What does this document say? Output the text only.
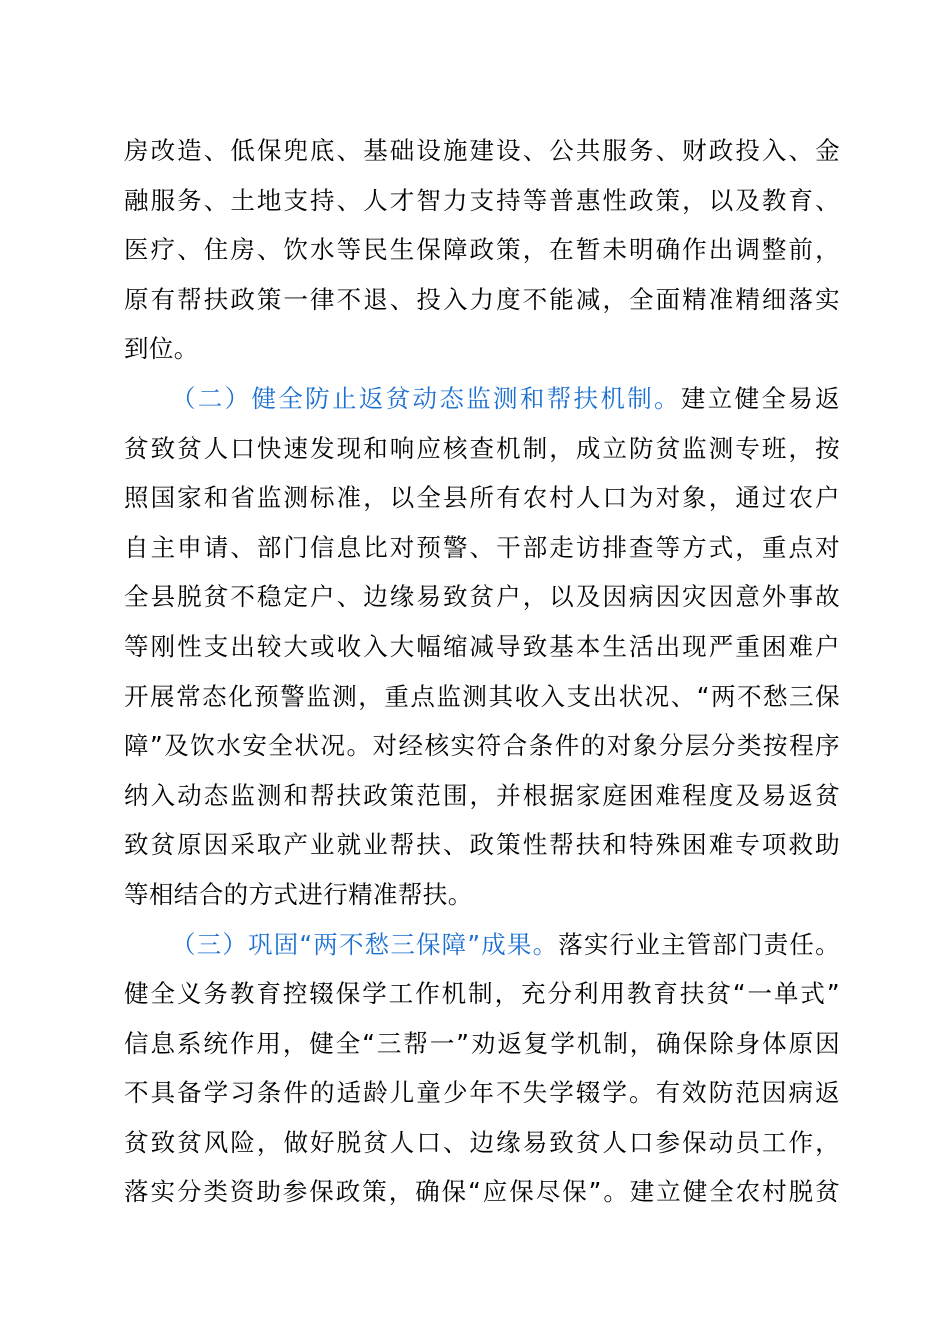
房改造、低保兜底、基础设施建设、公共服务、财政投入、金
融服务、土地支持、人才智力支持等普惠性政策，以及教育、
医疗、住房、饮水等民生保障政策，在暂未明确作出调整前，
原有帮扶政策一律不退、投入力度不能减，全面精准精细落实
到位。
（二）健全防止返贫动态监测和帮扶机制。建立健全易返
贫致贫人口快速发现和响应核查机制，成立防贫监测专班，按
照国家和省监测标准，以全县所有农村人口为对象，通过农户
自主申请、部门信息比对预警、干部走访排查等方式，重点对
全县脱贫不稳定户、边缘易致贫户，以及因病因灾因意外事故
等刚性支出较大或收入大幅缩减导致基本生活出现严重困难户
开展常态化预警监测，重点监测其收入支出状况、“两不愁三保
障”及饮水安全状况。对经核实符合条件的对象分层分类按程序
纳入动态监测和帮扶政策范围，并根据家庭困难程度及易返贫
致贫原因采取产业就业帮扶、政策性帮扶和特殊困难专项救助
等相结合的方式进行精准帮扶。
（三）巩固“两不愁三保障”成果。落实行业主管部门责任。
健全义务教育控辍保学工作机制，充分利用教育扶贫“一单式”
信息系统作用，健全“三帮一”劝返复学机制，确保除身体原因
不具备学习条件的适龄儿童少年不失学辍学。有效防范因病返
贫致贫风险，做好脱贫人口、边缘易致贫人口参保动员工作，
落实分类资助参保政策，确保“应保尽保”。建立健全农村脱贫
